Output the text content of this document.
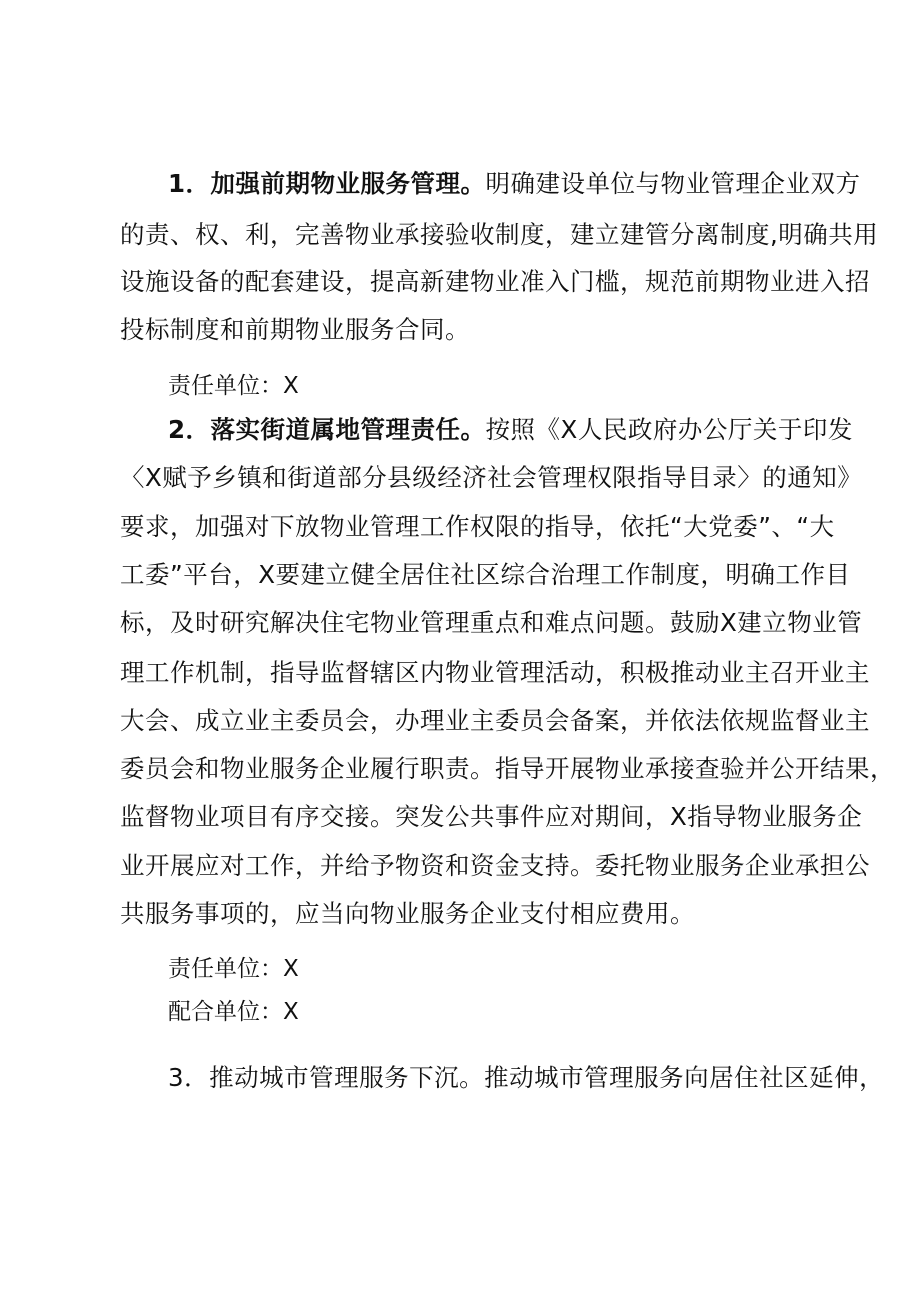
1．加强前期物业服务管理。明确建设单位与物业管理企业双方
的责、权、利，完善物业承接验收制度，建立建管分离制度,明确共用
设施设备的配套建设，提高新建物业准入门槛，规范前期物业进入招
投标制度和前期物业服务合同。
责任单位：X
2．落实街道属地管理责任。按照《X人民政府办公厅关于印发
〈X赋予乡镇和街道部分县级经济社会管理权限指导目录〉的通知》
要求，加强对下放物业管理工作权限的指导，依托“大党委”、“大
工委”平台，X要建立健全居住社区综合治理工作制度，明确工作目
标，及时研究解决住宅物业管理重点和难点问题。鼓励X建立物业管
理工作机制，指导监督辖区内物业管理活动，积极推动业主召开业主
大会、成立业主委员会，办理业主委员会备案，并依法依规监督业主
委员会和物业服务企业履行职责。指导开展物业承接查验并公开结果，
监督物业项目有序交接。突发公共事件应对期间，X指导物业服务企
业开展应对工作，并给予物资和资金支持。委托物业服务企业承担公
共服务事项的，应当向物业服务企业支付相应费用。
责任单位：X
配合单位：X
3．推动城市管理服务下沉。推动城市管理服务向居住社区延伸，
